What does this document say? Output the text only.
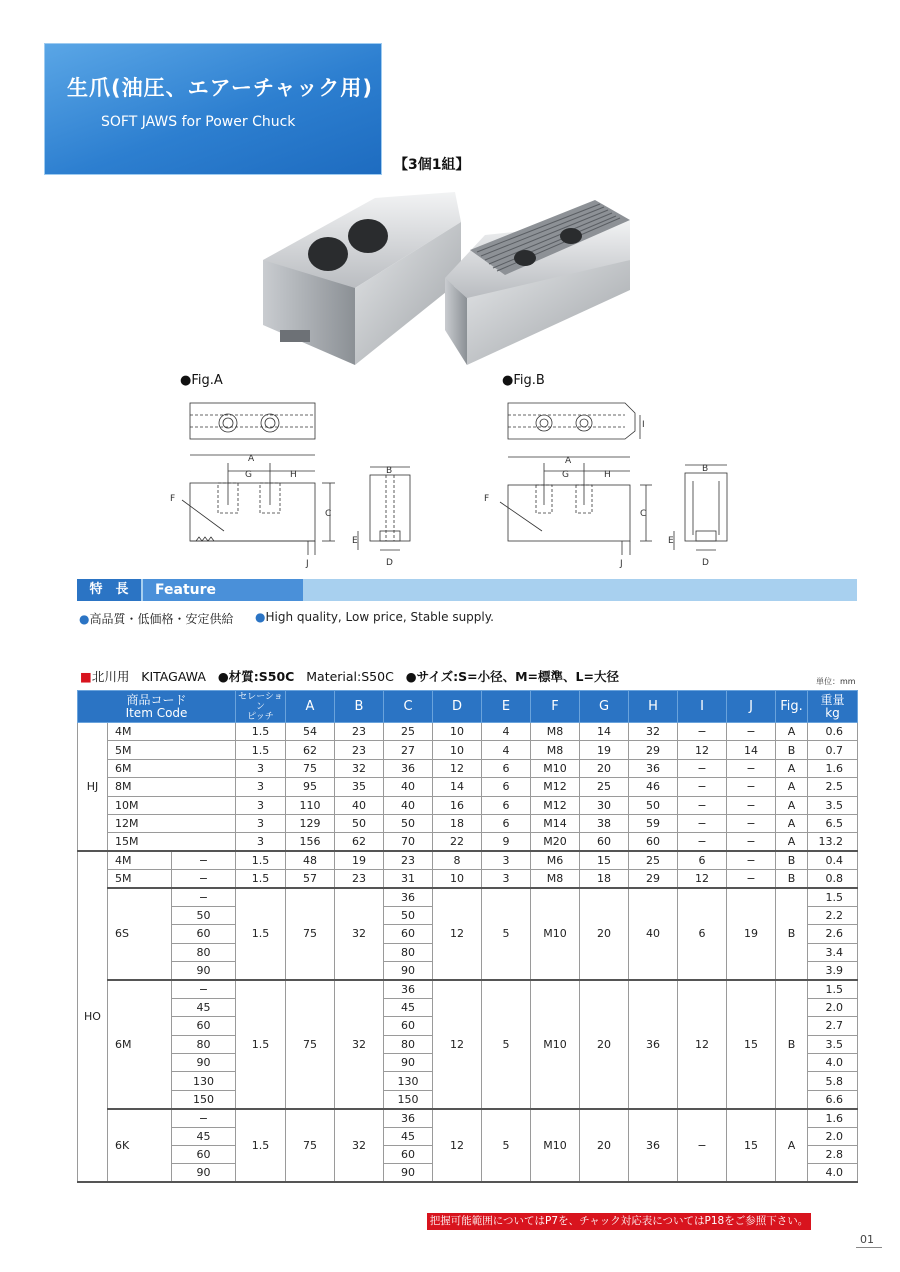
生爪(油圧、エアーチャック用)
SOFT JAWS for Power Chuck
【3個1組】
●Fig.A	●Fig.B
A
G	H
C
F
J
B
E
D
A
G	H
I
C
F
J
B
E
D
特　長	Feature
●高品質・低価格・安定供給 ●High quality, Low price, Stable supply.
■北川用 KITAGAWA   ●材質:S50C Material:S50C   ●サイズ:S=小径、M=標準、L=大径	単位：mm
商品コード
Item Code			セレーション
ピッチ	A	B	C	D	E	F	G	H	I	J	Fig.	重量
kg
HJ	4M		1.5	54	23	25	10	4	M8	14	32	−	−	A	0.6
	5M		1.5	62	23	27	10	4	M8	19	29	12	14	B	0.7
	6M		3	75	32	36	12	6	M10	20	36	−	−	A	1.6
	8M		3	95	35	40	14	6	M12	25	46	−	−	A	2.5
	10M		3	110	40	40	16	6	M12	30	50	−	−	A	3.5
	12M		3	129	50	50	18	6	M14	38	59	−	−	A	6.5
	15M		3	156	62	70	22	9	M20	60	60	−	−	A	13.2
HO	4M	−	1.5	48	19	23	8	3	M6	15	25	6	−	B	0.4
	5M	−	1.5	57	23	31	10	3	M8	18	29	12	−	B	0.8
	6S	−	1.5	75	32	36	12	5	M10	20	40	6	19	B	1.5
		50				50									2.2
		60				60									2.6
		80				80									3.4
		90				90									3.9
	6M	−	1.5	75	32	36	12	5	M10	20	36	12	15	B	1.5
		45				45									2.0
		60				60									2.7
		80				80									3.5
		90				90									4.0
		130				130									5.8
		150				150									6.6
	6K	−	1.5	75	32	36	12	5	M10	20	36	−	15	A	1.6
		45				45									2.0
		60				60									2.8
		90				90									4.0
把握可能範囲についてはP7を、チャック対応表についてはP18をご参照下さい。
01
